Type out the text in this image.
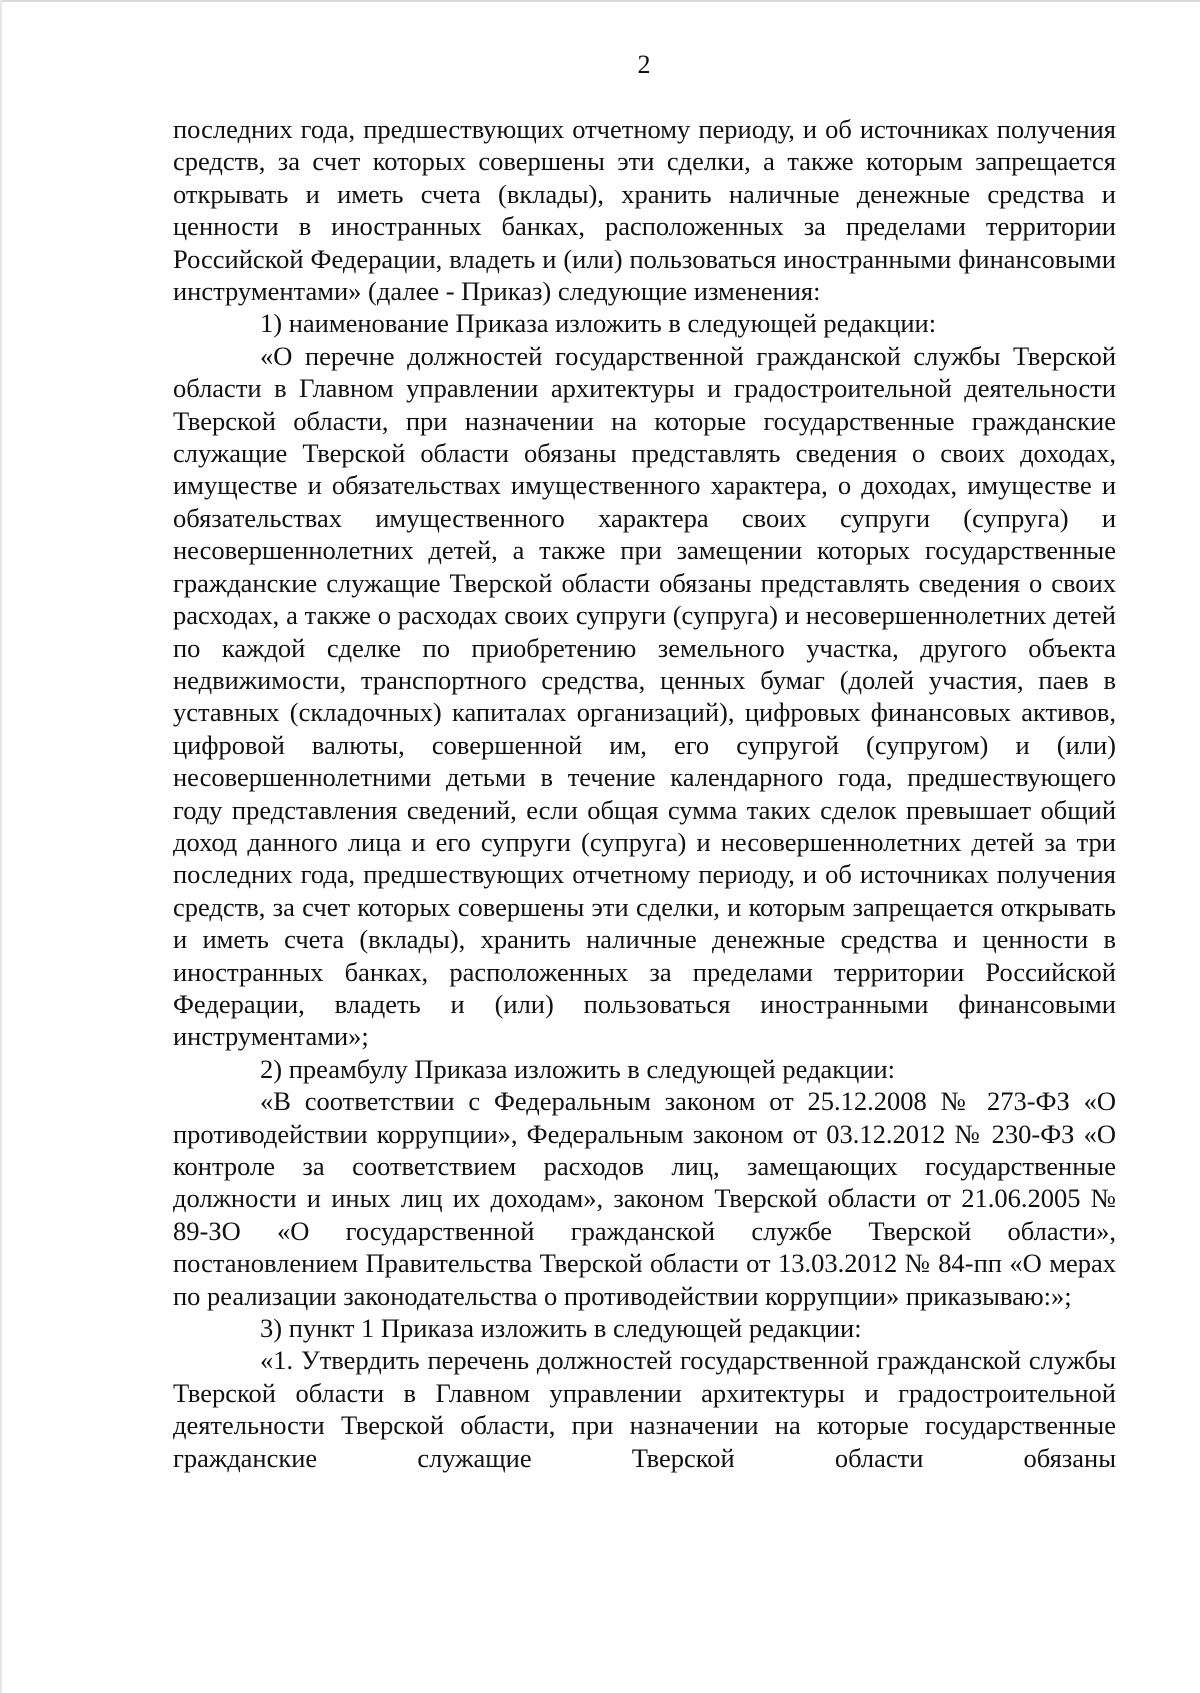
2

последних года, предшествующих отчетному периоду, и об источниках получения средств, за счет которых совершены эти сделки, а также которым запрещается открывать и иметь счета (вклады), хранить наличные денежные средства и ценности в иностранных банках, расположенных за пределами территории Российской Федерации, владеть и (или) пользоваться иностранными финансовыми инструментами» (далее - Приказ) следующие изменения:

1) наименование Приказа изложить в следующей редакции:

«О перечне должностей государственной гражданской службы Тверской области в Главном управлении архитектуры и градостроительной деятельности Тверской области, при назначении на которые государственные гражданские служащие Тверской области обязаны представлять сведения о своих доходах, имуществе и обязательствах имущественного характера, о доходах, имуществе и обязательствах имущественного характера своих супруги (супруга) и несовершеннолетних детей, а также при замещении которых государственные гражданские служащие Тверской области обязаны представлять сведения о своих расходах, а также о расходах своих супруги (супруга) и несовершеннолетних детей по каждой сделке по приобретению земельного участка, другого объекта недвижимости, транспортного средства, ценных бумаг (долей участия, паев в уставных (складочных) капиталах организаций), цифровых финансовых активов, цифровой валюты, совершенной им, его супругой (супругом) и (или) несовершеннолетними детьми в течение календарного года, предшествующего году представления сведений, если общая сумма таких сделок превышает общий доход данного лица и его супруги (супруга) и несовершеннолетних детей за три последних года, предшествующих отчетному периоду, и об источниках получения средств, за счет которых совершены эти сделки, и которым запрещается открывать и иметь счета (вклады), хранить наличные денежные средства и ценности в иностранных банках, расположенных за пределами территории Российской Федерации, владеть и (или) пользоваться иностранными финансовыми инструментами»;

2) преамбулу Приказа изложить в следующей редакции:

«В соответствии с Федеральным законом от 25.12.2008 № 273-ФЗ «О противодействии коррупции», Федеральным законом от 03.12.2012 № 230-ФЗ «О контроле за соответствием расходов лиц, замещающих государственные должности и иных лиц их доходам», законом Тверской области от 21.06.2005 № 89-ЗО «О государственной гражданской службе Тверской области», постановлением Правительства Тверской области от 13.03.2012 № 84-пп «О мерах по реализации законодательства о противодействии коррупции» приказываю:»;

3) пункт 1 Приказа изложить в следующей редакции:

«1. Утвердить перечень должностей государственной гражданской службы Тверской области в Главном управлении архитектуры и градостроительной деятельности Тверской области, при назначении на которые государственные гражданские служащие Тверской области обязаны
